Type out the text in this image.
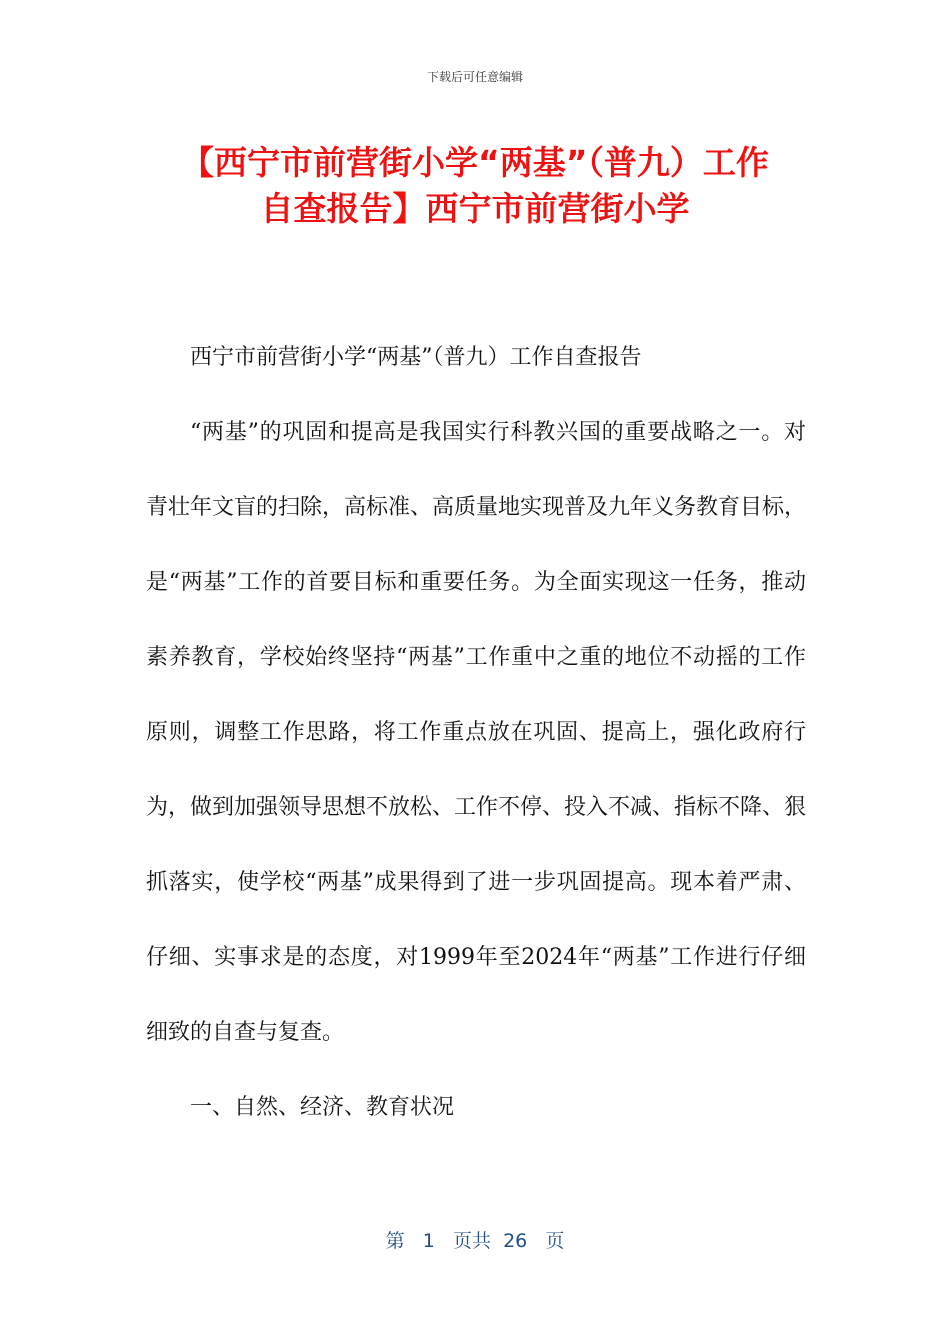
下载后可任意编辑
【西宁市前营街小学“两基”（普九）工作
自查报告】西宁市前营街小学

西宁市前营街小学“两基”（普九）工作自查报告

“两基”的巩固和提高是我国实行科教兴国的重要战略之一。对青壮年文盲的扫除，高标准、高质量地实现普及九年义务教育目标，是“两基”工作的首要目标和重要任务。为全面实现这一任务，推动素养教育，学校始终坚持“两基”工作重中之重的地位不动摇的工作原则，调整工作思路，将工作重点放在巩固、提高上，强化政府行为，做到加强领导思想不放松、工作不停、投入不减、指标不降、狠抓落实，使学校“两基”成果得到了进一步巩固提高。现本着严肃、仔细、实事求是的态度，对1999年至2024年“两基”工作进行仔细细致的自查与复查。

一、自然、经济、教育状况

第 1 页共 26 页
